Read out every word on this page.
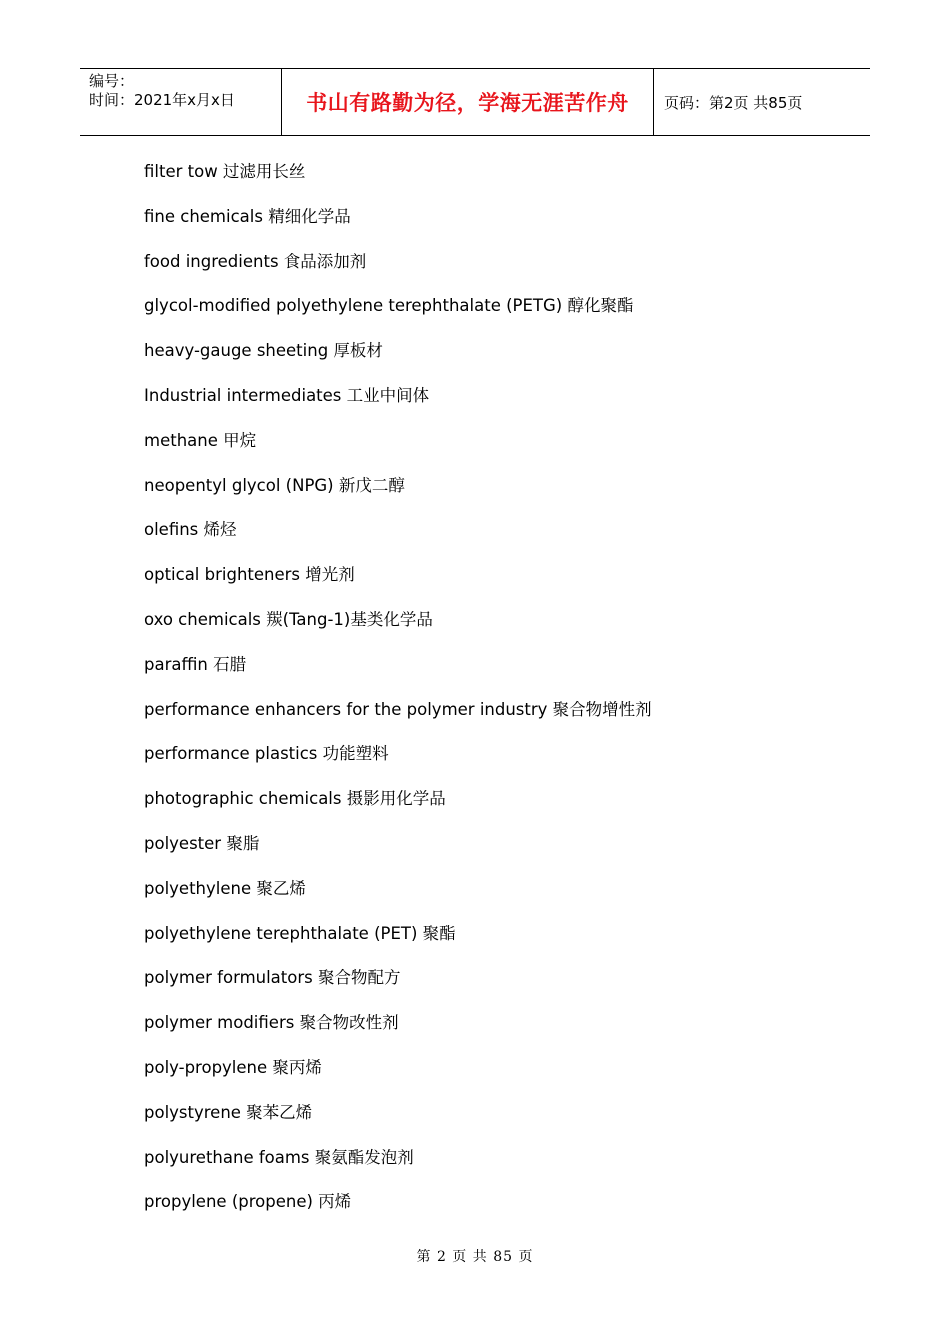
编号：
时间：2021年x月x日	书山有路勤为径，学海无涯苦作舟 页码：第2页 共85页
filter tow 过滤用长丝
fine chemicals 精细化学品
food ingredients 食品添加剂
glycol-modified polyethylene terephthalate (PETG) 醇化聚酯
heavy-gauge sheeting 厚板材
Industrial intermediates 工业中间体
methane 甲烷
neopentyl glycol (NPG) 新戊二醇
olefins 烯烃
optical brighteners 增光剂
oxo chemicals 羰(Tang-1)基类化学品
paraffin 石腊
performance enhancers for the polymer industry 聚合物增性剂
performance plastics 功能塑料
photographic chemicals 摄影用化学品
polyester 聚脂
polyethylene 聚乙烯
polyethylene terephthalate (PET) 聚酯
polymer formulators 聚合物配方
polymer modifiers 聚合物改性剂
poly-propylene 聚丙烯
polystyrene 聚苯乙烯
polyurethane foams 聚氨酯发泡剂
propylene (propene) 丙烯
第 2 页 共 85 页
